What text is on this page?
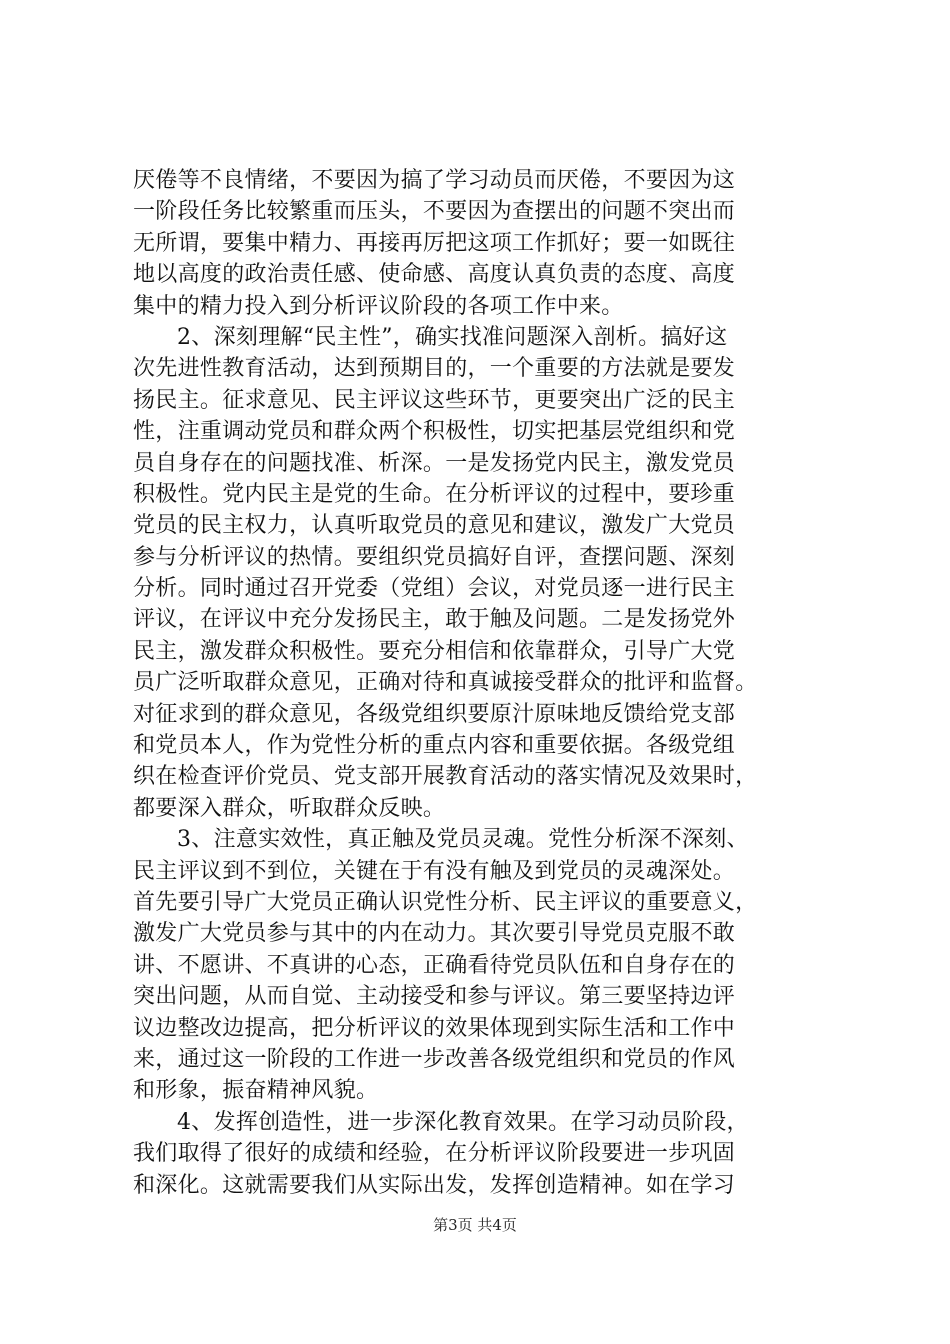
厌倦等不良情绪，不要因为搞了学习动员而厌倦，不要因为这
一阶段任务比较繁重而压头，不要因为查摆出的问题不突出而
无所谓，要集中精力、再接再厉把这项工作抓好；要一如既往
地以高度的政治责任感、使命感、高度认真负责的态度、高度
集中的精力投入到分析评议阶段的各项工作中来。
2、深刻理解“民主性”，确实找准问题深入剖析。搞好这
次先进性教育活动，达到预期目的，一个重要的方法就是要发
扬民主。征求意见、民主评议这些环节，更要突出广泛的民主
性，注重调动党员和群众两个积极性，切实把基层党组织和党
员自身存在的问题找准、析深。一是发扬党内民主，激发党员
积极性。党内民主是党的生命。在分析评议的过程中，要珍重
党员的民主权力，认真听取党员的意见和建议，激发广大党员
参与分析评议的热情。要组织党员搞好自评，查摆问题、深刻
分析。同时通过召开党委（党组）会议，对党员逐一进行民主
评议，在评议中充分发扬民主，敢于触及问题。二是发扬党外
民主，激发群众积极性。要充分相信和依靠群众，引导广大党
员广泛听取群众意见，正确对待和真诚接受群众的批评和监督。
对征求到的群众意见，各级党组织要原汁原味地反馈给党支部
和党员本人，作为党性分析的重点内容和重要依据。各级党组
织在检查评价党员、党支部开展教育活动的落实情况及效果时，
都要深入群众，听取群众反映。
3、注意实效性，真正触及党员灵魂。党性分析深不深刻、
民主评议到不到位，关键在于有没有触及到党员的灵魂深处。
首先要引导广大党员正确认识党性分析、民主评议的重要意义，
激发广大党员参与其中的内在动力。其次要引导党员克服不敢
讲、不愿讲、不真讲的心态，正确看待党员队伍和自身存在的
突出问题，从而自觉、主动接受和参与评议。第三要坚持边评
议边整改边提高，把分析评议的效果体现到实际生活和工作中
来，通过这一阶段的工作进一步改善各级党组织和党员的作风
和形象，振奋精神风貌。
4、发挥创造性，进一步深化教育效果。在学习动员阶段，
我们取得了很好的成绩和经验，在分析评议阶段要进一步巩固
和深化。这就需要我们从实际出发，发挥创造精神。如在学习
第3页 共4页
